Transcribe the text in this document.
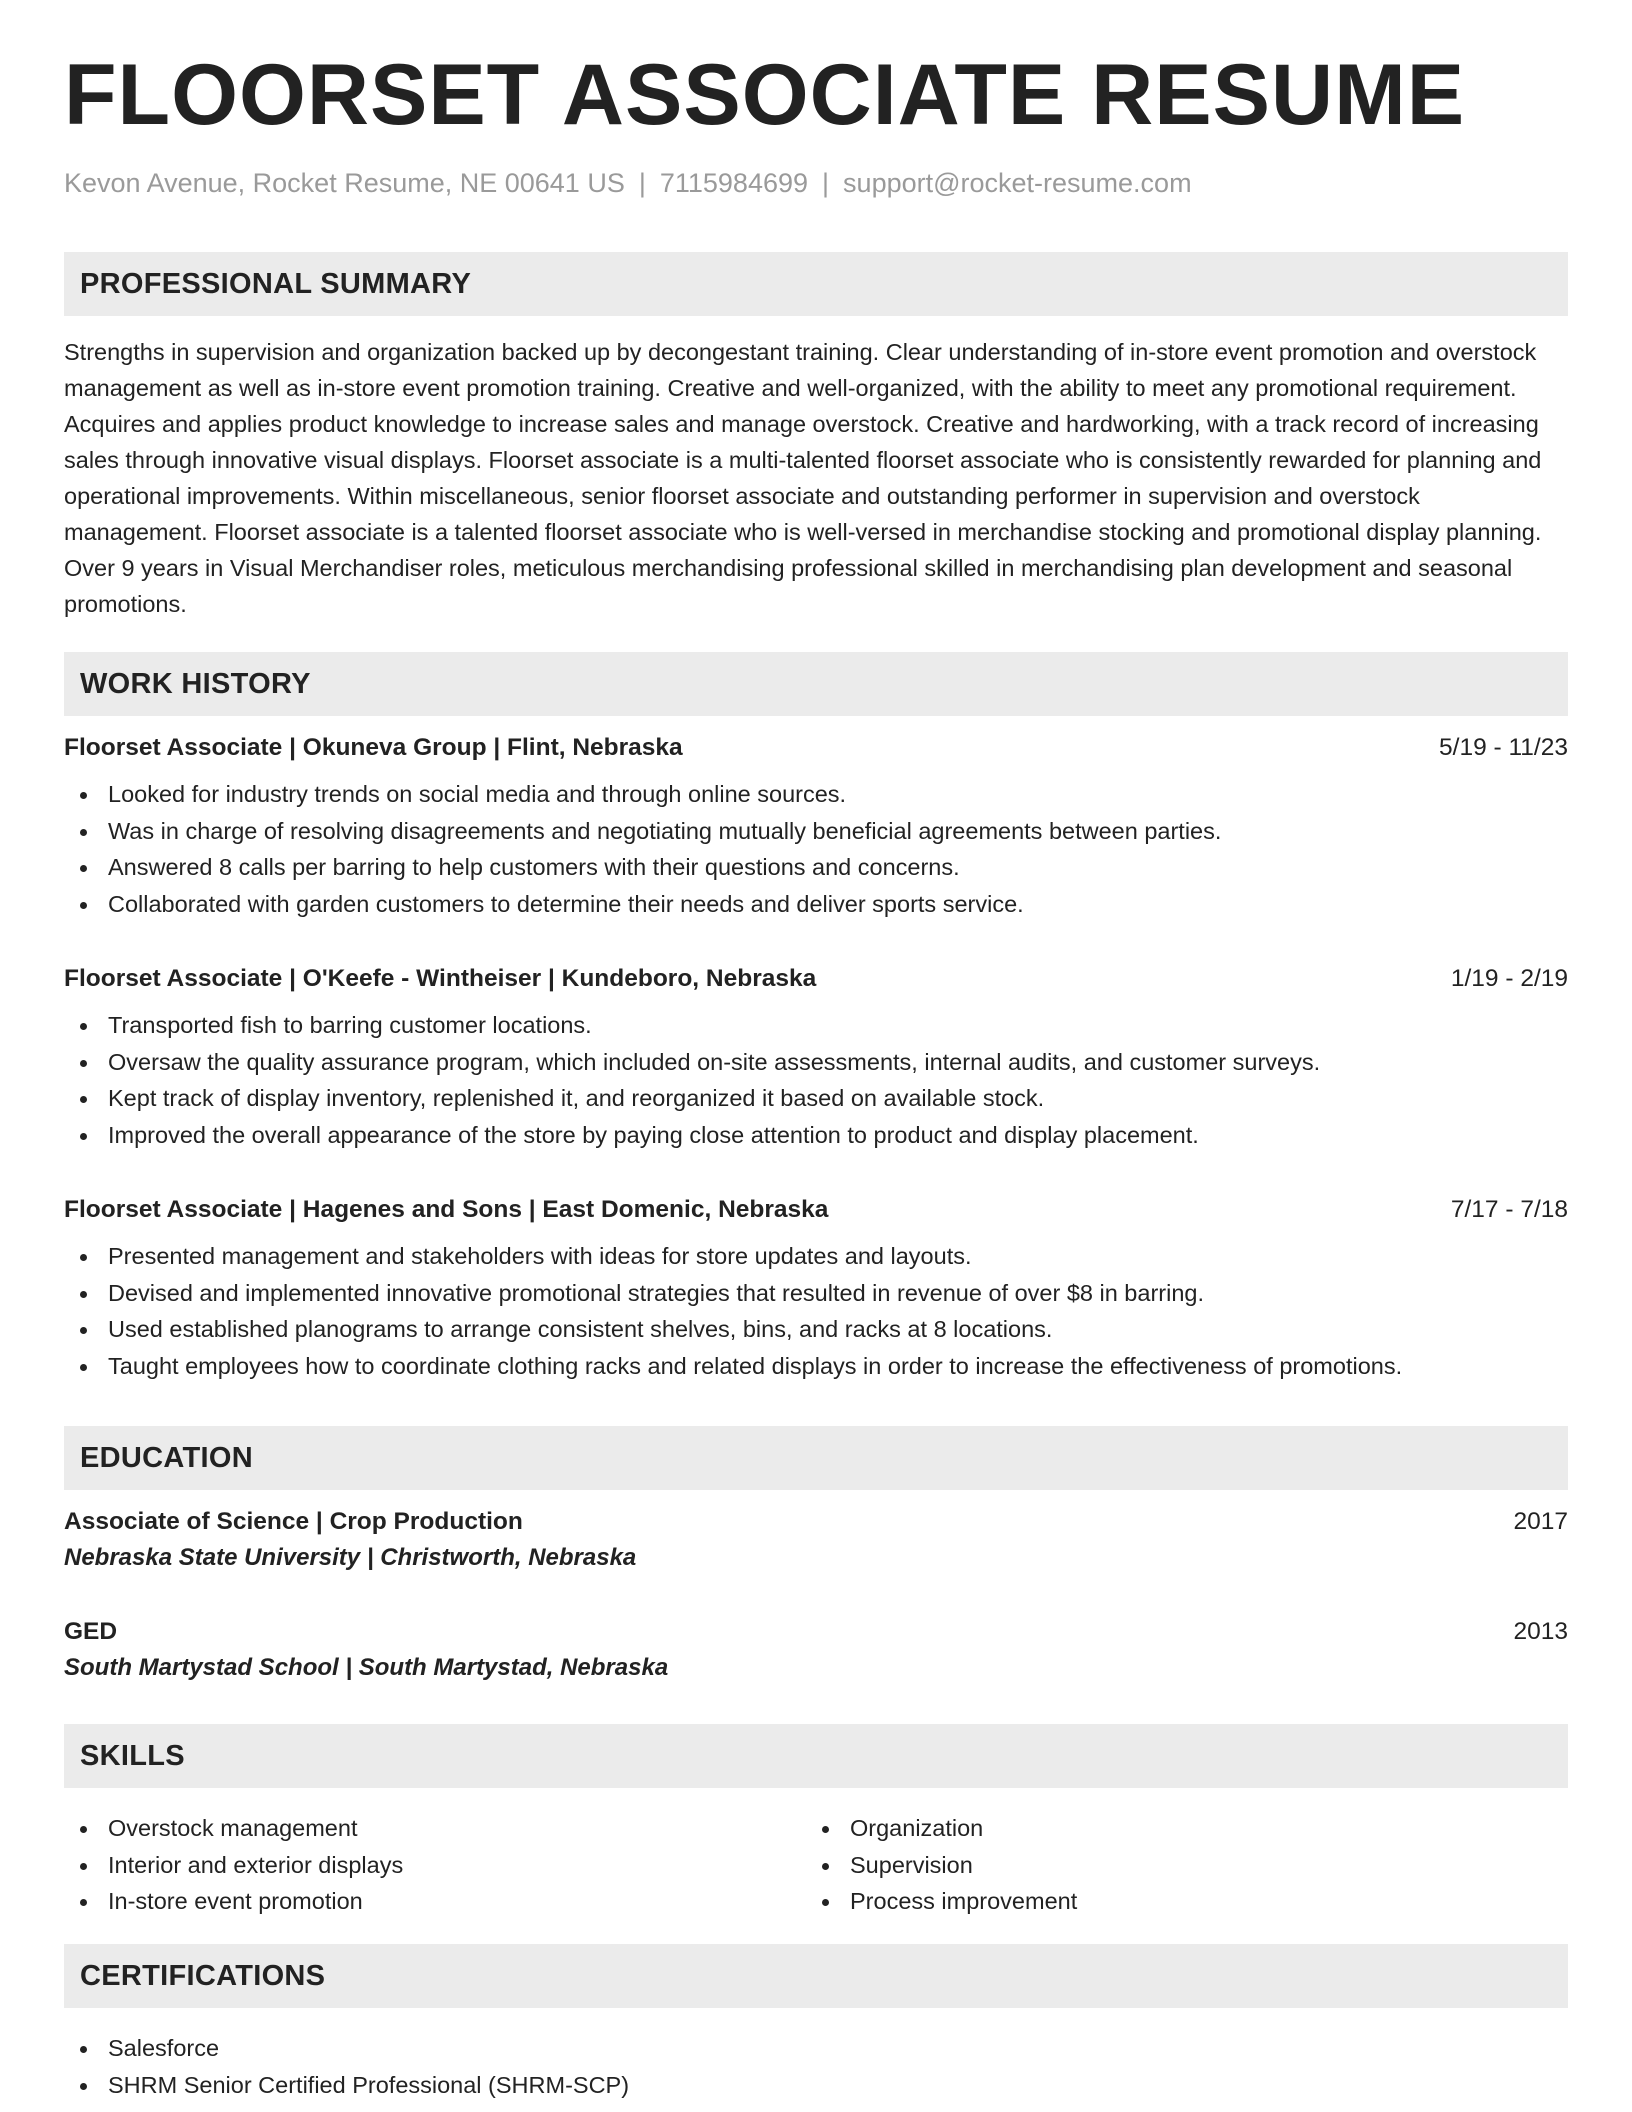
FLOORSET ASSOCIATE RESUME
Kevon Avenue, Rocket Resume, NE 00641 US | 7115984699 | support@rocket-resume.com
PROFESSIONAL SUMMARY
Strengths in supervision and organization backed up by decongestant training. Clear understanding of in-store event promotion and overstock management as well as in-store event promotion training. Creative and well-organized, with the ability to meet any promotional requirement. Acquires and applies product knowledge to increase sales and manage overstock. Creative and hardworking, with a track record of increasing sales through innovative visual displays. Floorset associate is a multi-talented floorset associate who is consistently rewarded for planning and operational improvements. Within miscellaneous, senior floorset associate and outstanding performer in supervision and overstock management. Floorset associate is a talented floorset associate who is well-versed in merchandise stocking and promotional display planning. Over 9 years in Visual Merchandiser roles, meticulous merchandising professional skilled in merchandising plan development and seasonal promotions.
WORK HISTORY
Floorset Associate | Okuneva Group | Flint, Nebraska	5/19 - 11/23
Looked for industry trends on social media and through online sources.
Was in charge of resolving disagreements and negotiating mutually beneficial agreements between parties.
Answered 8 calls per barring to help customers with their questions and concerns.
Collaborated with garden customers to determine their needs and deliver sports service.
Floorset Associate | O'Keefe - Wintheiser | Kundeboro, Nebraska	1/19 - 2/19
Transported fish to barring customer locations.
Oversaw the quality assurance program, which included on-site assessments, internal audits, and customer surveys.
Kept track of display inventory, replenished it, and reorganized it based on available stock.
Improved the overall appearance of the store by paying close attention to product and display placement.
Floorset Associate | Hagenes and Sons | East Domenic, Nebraska	7/17 - 7/18
Presented management and stakeholders with ideas for store updates and layouts.
Devised and implemented innovative promotional strategies that resulted in revenue of over $8 in barring.
Used established planograms to arrange consistent shelves, bins, and racks at 8 locations.
Taught employees how to coordinate clothing racks and related displays in order to increase the effectiveness of promotions.
EDUCATION
Associate of Science | Crop Production	2017
Nebraska State University | Christworth, Nebraska
GED	2013
South Martystad School | South Martystad, Nebraska
SKILLS
Overstock management
Interior and exterior displays
In-store event promotion
Organization
Supervision
Process improvement
CERTIFICATIONS
Salesforce
SHRM Senior Certified Professional (SHRM-SCP)
